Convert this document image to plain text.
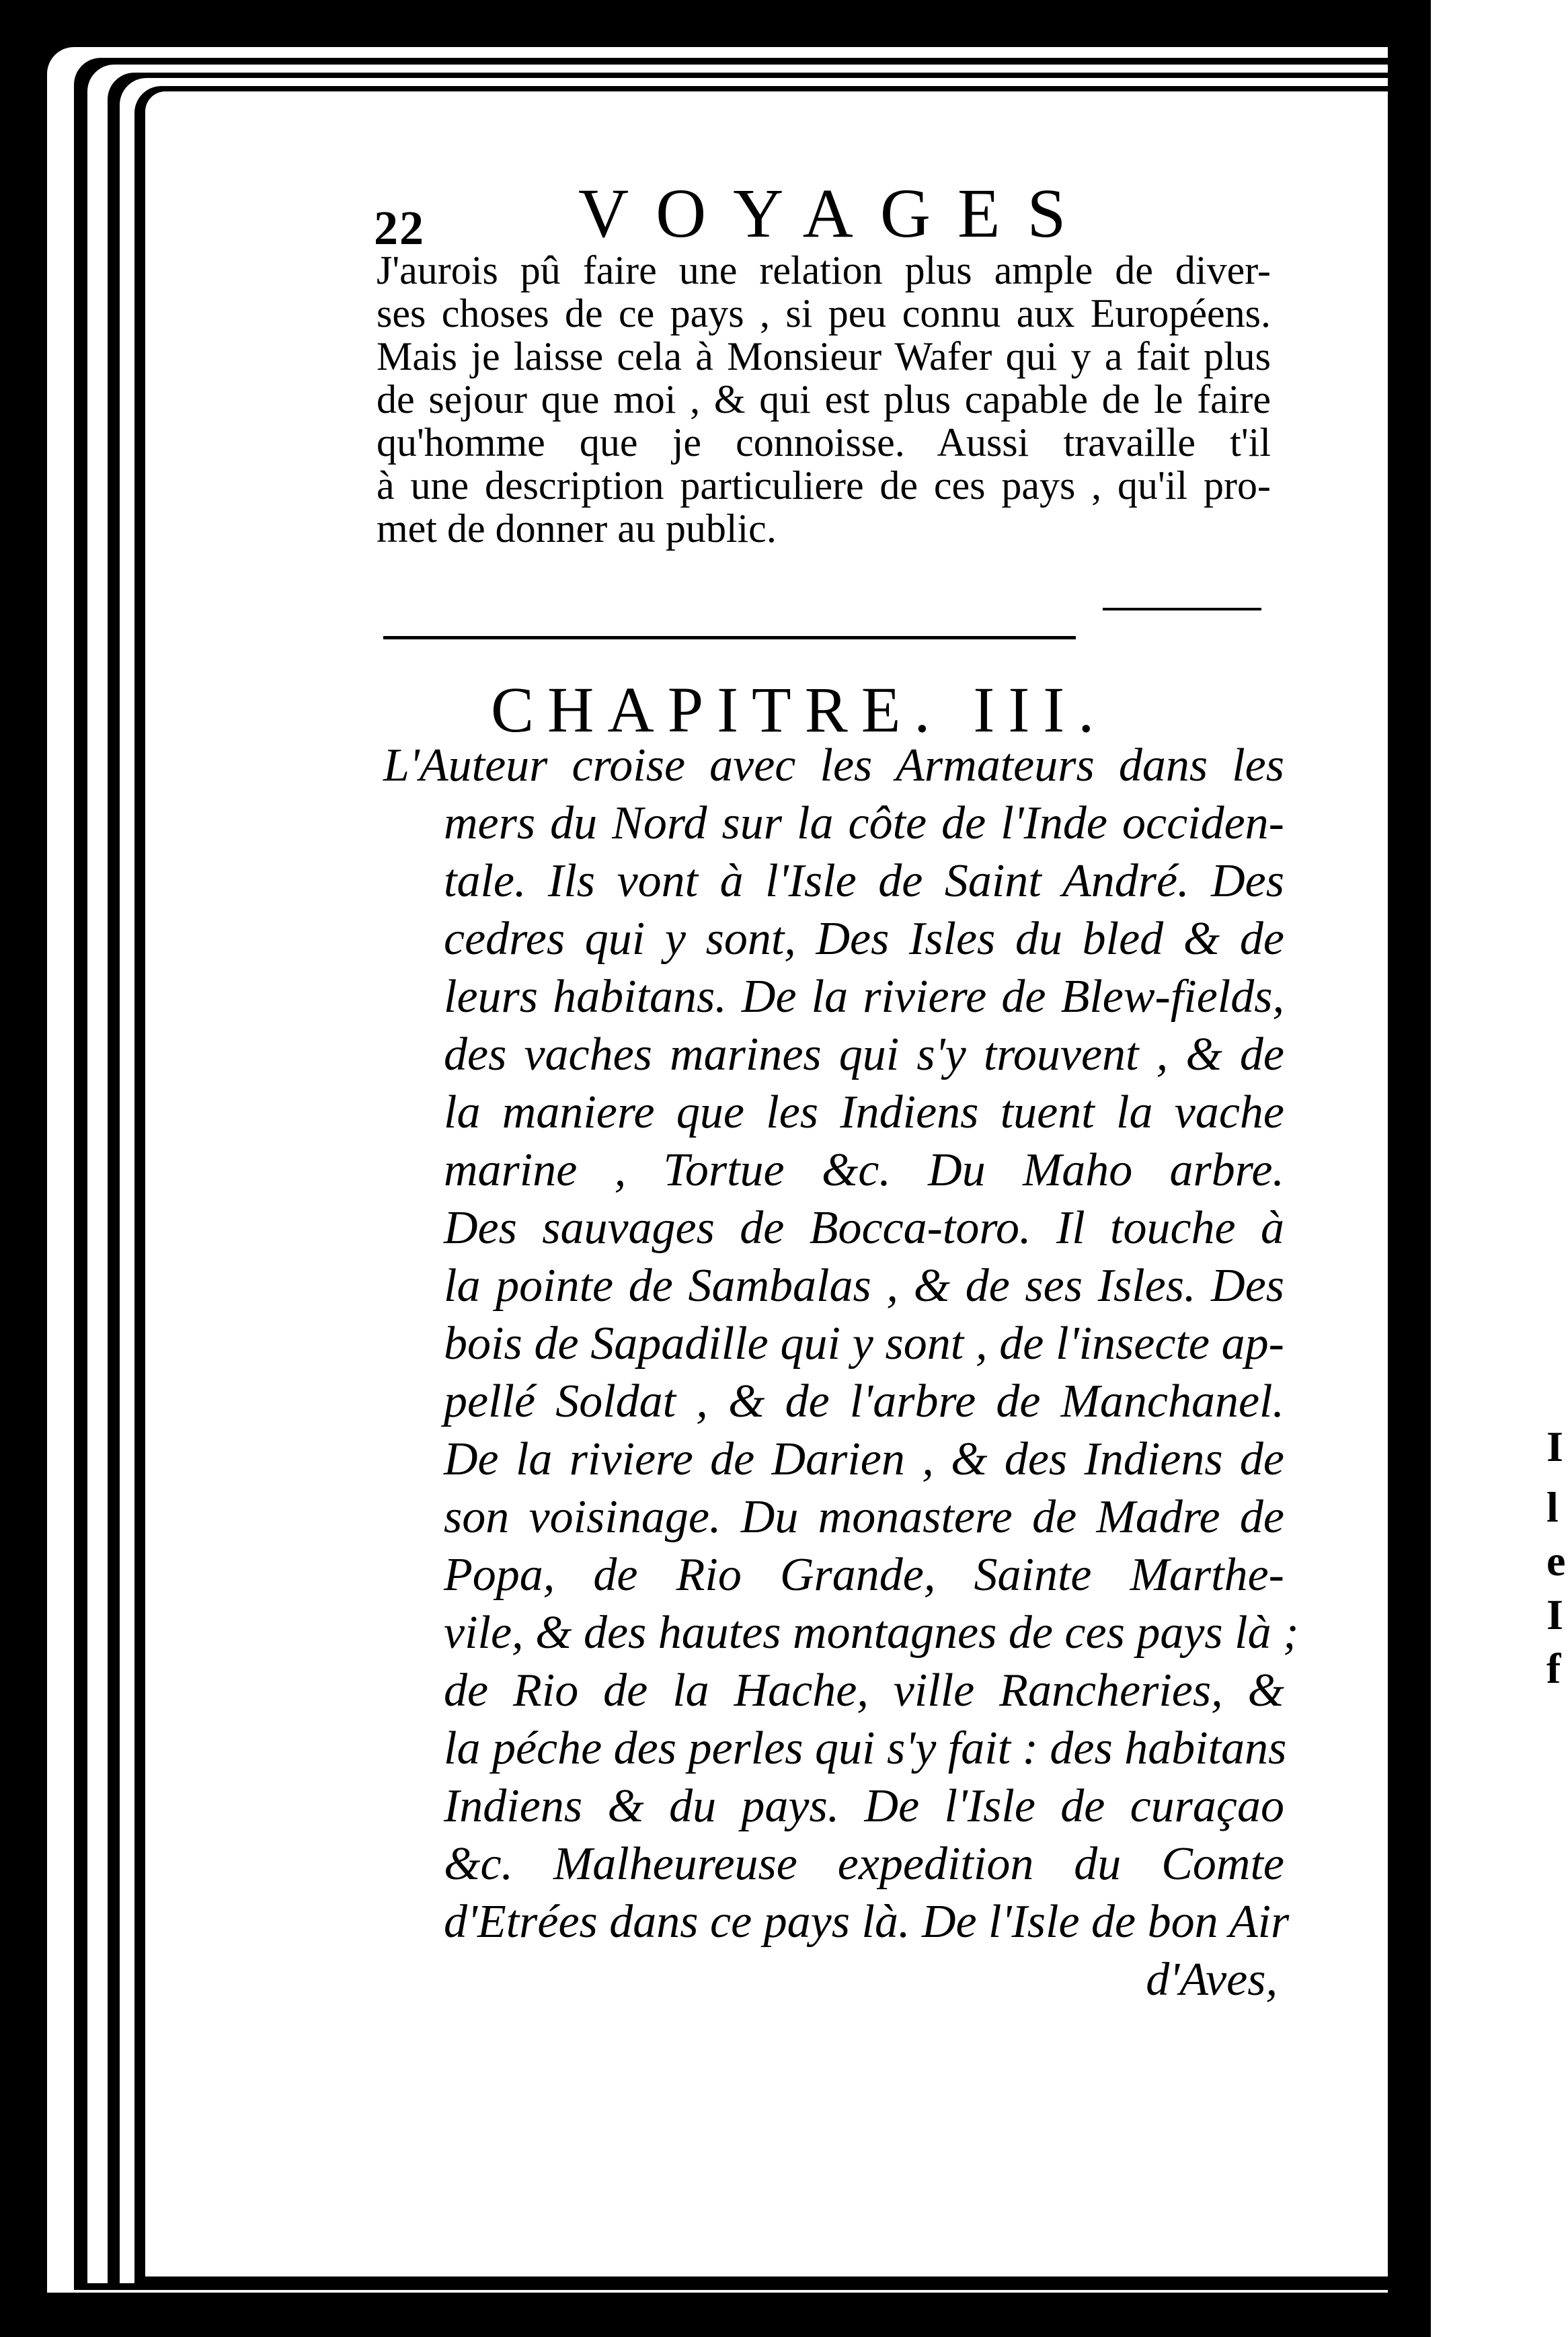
I
l
e
I
f
22 VOYAGES
J'aurois pû faire une relation plus ample de diver-
ses choses de ce pays , si peu connu aux Européens.
Mais je laisse cela à Monsieur Wafer qui y a fait plus
de sejour que moi , & qui est plus capable de le faire
qu'homme que je connoisse. Aussi travaille t'il
à une description particuliere de ces pays , qu'il pro-
met de donner au public.
CHAPITRE. III.
L'Auteur croise avec les Armateurs dans les
mers du Nord sur la côte de l'Inde occiden-
tale. Ils vont à l'Isle de Saint André. Des
cedres qui y sont, Des Isles du bled & de
leurs habitans. De la riviere de Blew-fields,
des vaches marines qui s'y trouvent , & de
la maniere que les Indiens tuent la vache
marine , Tortue &c. Du Maho arbre.
Des sauvages de Bocca-toro. Il touche à
la pointe de Sambalas , & de ses Isles. Des
bois de Sapadille qui y sont , de l'insecte ap-
pellé Soldat , & de l'arbre de Manchanel.
De la riviere de Darien , & des Indiens de
son voisinage. Du monastere de Madre de
Popa, de Rio Grande, Sainte Marthe-
vile, & des hautes montagnes de ces pays là ;
de Rio de la Hache, ville Rancheries, &
la péche des perles qui s'y fait : des habitans
Indiens & du pays. De l'Isle de curaçao
&c. Malheureuse expedition du Comte
d'Etrées dans ce pays là. De l'Isle de bon Air
d'Aves,
